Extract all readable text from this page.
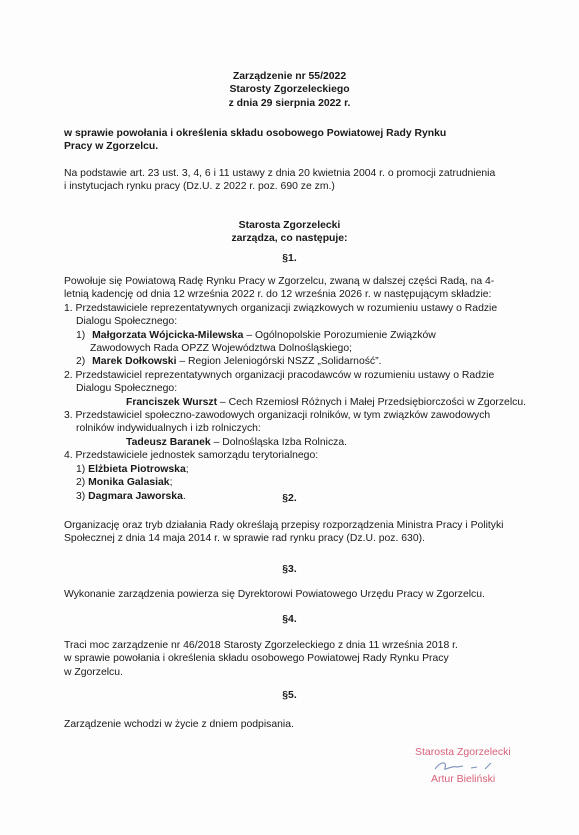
Zarządzenie nr 55/2022
Starosty Zgorzeleckiego
z dnia 29 sierpnia 2022 r.
w sprawie powołania i określenia składu osobowego Powiatowej Rady Rynku
Pracy w Zgorzelcu.
Na podstawie art. 23 ust. 3, 4, 6 i 11 ustawy z dnia 20 kwietnia 2004 r. o promocji zatrudnienia
i instytucjach rynku pracy (Dz.U. z 2022 r. poz. 690 ze zm.)
Starosta Zgorzelecki
zarządza, co następuje:
§1.
Powołuje się Powiatową Radę Rynku Pracy w Zgorzelcu, zwaną w dalszej części Radą, na 4-
letnią kadencję od dnia 12 września 2022 r. do 12 września 2026 r. w następującym składzie:
1. Przedstawiciele reprezentatywnych organizacji związkowych w rozumieniu ustawy o Radzie
Dialogu Społecznego:
1) Małgorzata Wójcicka-Milewska – Ogólnopolskie Porozumienie Związków
Zawodowych Rada OPZZ Województwa Dolnośląskiego;
2) Marek Dołkowski – Region Jeleniogórski NSZZ „Solidarność”.
2. Przedstawiciel reprezentatywnych organizacji pracodawców w rozumieniu ustawy o Radzie
Dialogu Społecznego:
Franciszek Wurszt – Cech Rzemiosł Różnych i Małej Przedsiębiorczości w Zgorzelcu.
3. Przedstawiciel społeczno-zawodowych organizacji rolników, w tym związków zawodowych
rolników indywidualnych i izb rolniczych:
Tadeusz Baranek – Dolnośląska Izba Rolnicza.
4. Przedstawiciele jednostek samorządu terytorialnego:
1) Elżbieta Piotrowska;
2) Monika Galasiak;
3) Dagmara Jaworska.	§2.
Organizację oraz tryb działania Rady określają przepisy rozporządzenia Ministra Pracy i Polityki
Społecznej z dnia 14 maja 2014 r. w sprawie rad rynku pracy (Dz.U. poz. 630).
§3.
Wykonanie zarządzenia powierza się Dyrektorowi Powiatowego Urzędu Pracy w Zgorzelcu.
§4.
Traci moc zarządzenie nr 46/2018 Starosty Zgorzeleckiego z dnia 11 września 2018 r.
w sprawie powołania i określenia składu osobowego Powiatowej Rady Rynku Pracy
w Zgorzelcu.
§5.
Zarządzenie wchodzi w życie z dniem podpisania.
Starosta Zgorzelecki
Artur Bieliński
